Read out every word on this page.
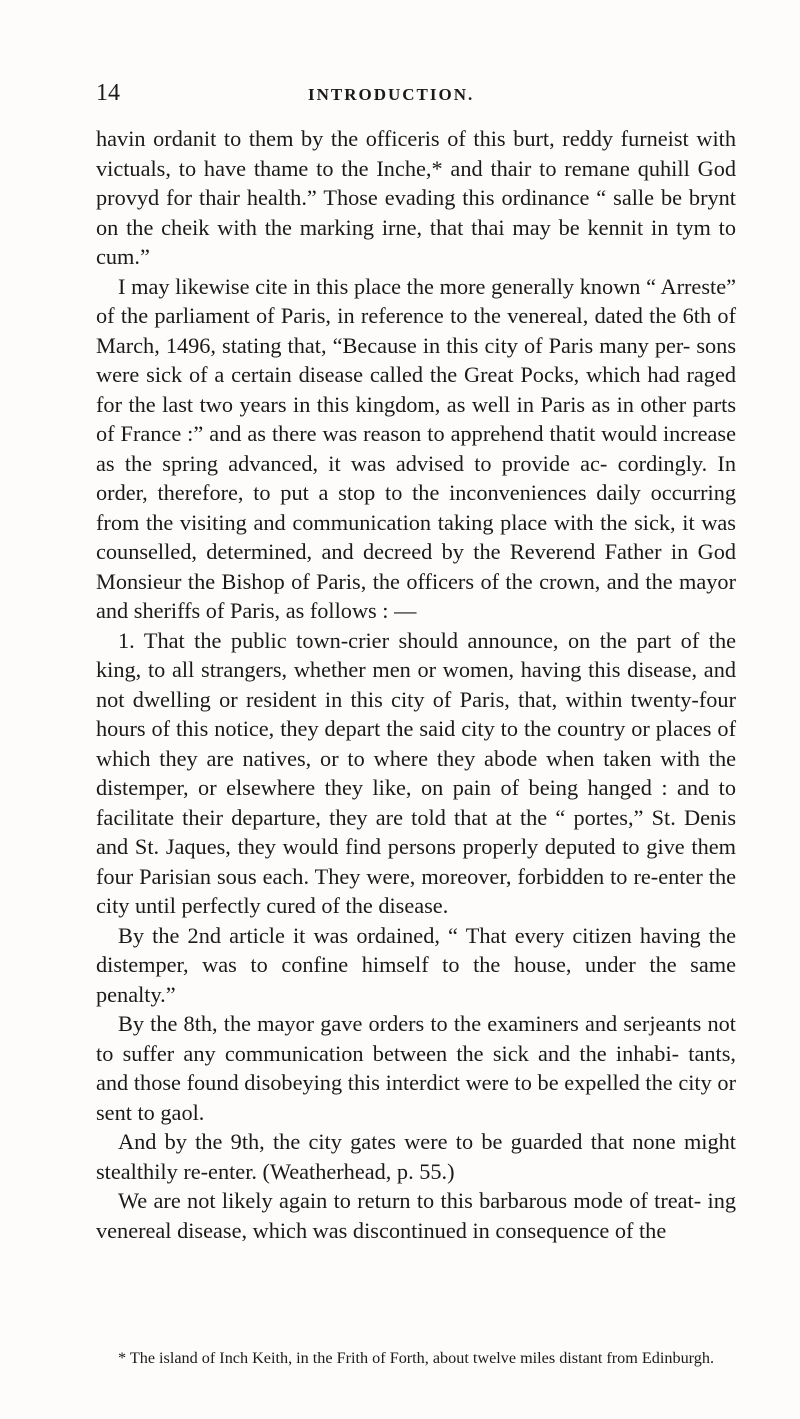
14	INTRODUCTION.

havin ordanit to them by the officeris of this burt, reddy furneist with victuals, to have thame to the Inche,* and thair to remane quhill God provyd for thair health.” Those evading this ordinance “ salle be brynt on the cheik with the marking irne, that thai may be kennit in tym to cum.”

I may likewise cite in this place the more generally known “ Arreste” of the parliament of Paris, in reference to the venereal, dated the 6th of March, 1496, stating that, “Because in this city of Paris many per- sons were sick of a certain disease called the Great Pocks, which had raged for the last two years in this kingdom, as well in Paris as in other parts of France :” and as there was reason to apprehend thatit would increase as the spring advanced, it was advised to provide ac- cordingly. In order, therefore, to put a stop to the inconveniences daily occurring from the visiting and communication taking place with the sick, it was counselled, determined, and decreed by the Reverend Father in God Monsieur the Bishop of Paris, the officers of the crown, and the mayor and sheriffs of Paris, as follows : —

1. That the public town-crier should announce, on the part of the king, to all strangers, whether men or women, having this disease, and not dwelling or resident in this city of Paris, that, within twenty-four hours of this notice, they depart the said city to the country or places of which they are natives, or to where they abode when taken with the distemper, or elsewhere they like, on pain of being hanged : and to facilitate their departure, they are told that at the “ portes,” St. Denis and St. Jaques, they would find persons properly deputed to give them four Parisian sous each. They were, moreover, forbidden to re-enter the city until perfectly cured of the disease.

By the 2nd article it was ordained, “ That every citizen having the distemper, was to confine himself to the house, under the same penalty.”

By the 8th, the mayor gave orders to the examiners and serjeants not to suffer any communication between the sick and the inhabi- tants, and those found disobeying this interdict were to be expelled the city or sent to gaol.

And by the 9th, the city gates were to be guarded that none might stealthily re-enter. (Weatherhead, p. 55.)

We are not likely again to return to this barbarous mode of treat- ing venereal disease, which was discontinued in consequence of the

* The island of Inch Keith, in the Frith of Forth, about twelve miles distant from Edinburgh.
